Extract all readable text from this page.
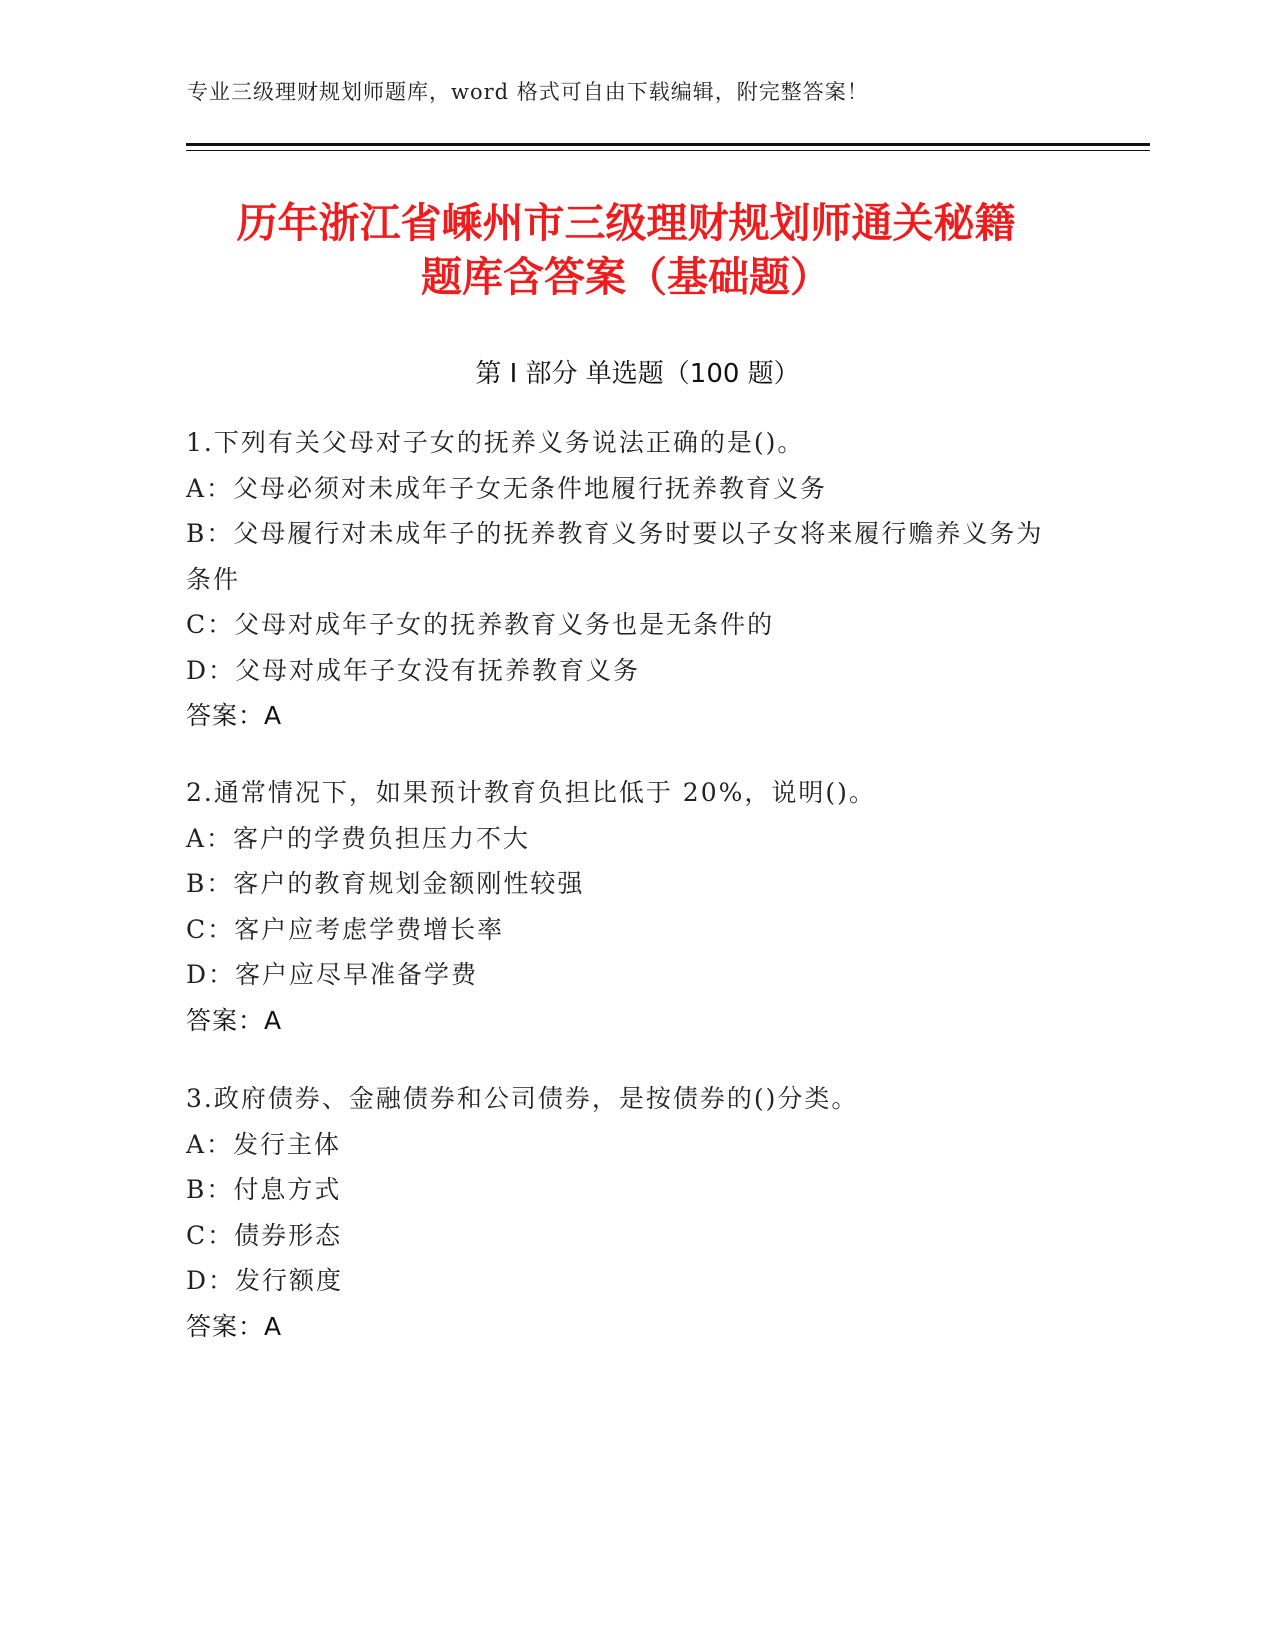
专业三级理财规划师题库，word 格式可自由下载编辑，附完整答案！
历年浙江省嵊州市三级理财规划师通关秘籍
题库含答案（基础题）
第 I 部分 单选题（100 题）
1.下列有关父母对子女的抚养义务说法正确的是()。
A：父母必须对未成年子女无条件地履行抚养教育义务
B：父母履行对未成年子的抚养教育义务时要以子女将来履行赡养义务为条件
C：父母对成年子女的抚养教育义务也是无条件的
D：父母对成年子女没有抚养教育义务
答案：A
2.通常情况下，如果预计教育负担比低于 20%，说明()。
A：客户的学费负担压力不大
B：客户的教育规划金额刚性较强
C：客户应考虑学费增长率
D：客户应尽早准备学费
答案：A
3.政府债券、金融债券和公司债券，是按债券的()分类。
A：发行主体
B：付息方式
C：债券形态
D：发行额度
答案：A
